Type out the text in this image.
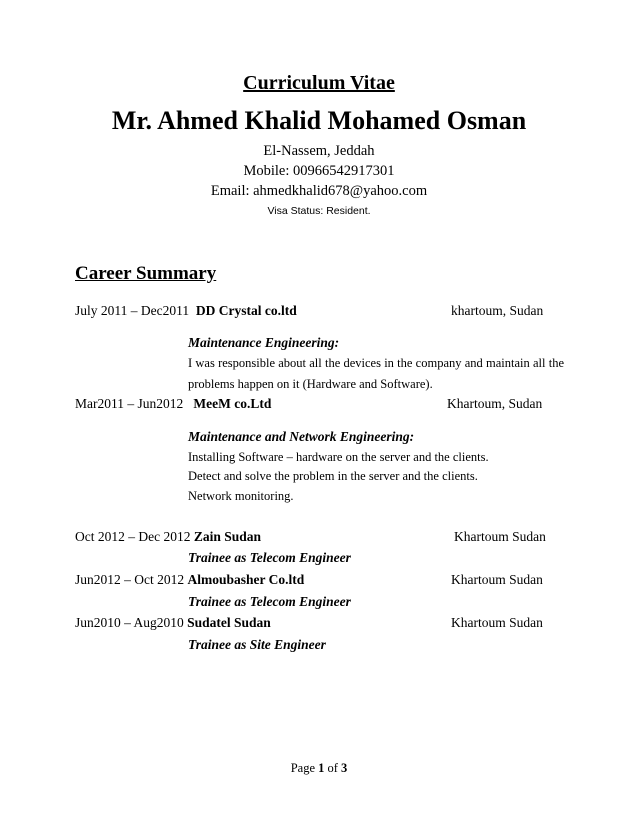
Curriculum Vitae
Mr. Ahmed Khalid Mohamed Osman
El-Nassem, Jeddah
Mobile: 00966542917301
Email: ahmedkhalid678@yahoo.com
Visa Status: Resident.
Career Summary
July 2011 – Dec2011 DD Crystal co.ltd	khartoum, Sudan
Maintenance Engineering:
I was responsible about all the devices in the company and maintain all the
problems happen on it (Hardware and Software).
Mar2011 – Jun2012 MeeM co.Ltd	Khartoum, Sudan
Maintenance and Network Engineering:
Installing Software – hardware on the server and the clients.
Detect and solve the problem in the server and the clients.
Network monitoring.
Oct 2012 – Dec 2012 Zain Sudan	Khartoum Sudan
Trainee as Telecom Engineer
Jun2012 – Oct 2012 Almoubasher Co.ltd	Khartoum Sudan
Trainee as Telecom Engineer
Jun2010 – Aug2010 Sudatel Sudan	Khartoum Sudan
Trainee as Site Engineer
Page 1 of 3
